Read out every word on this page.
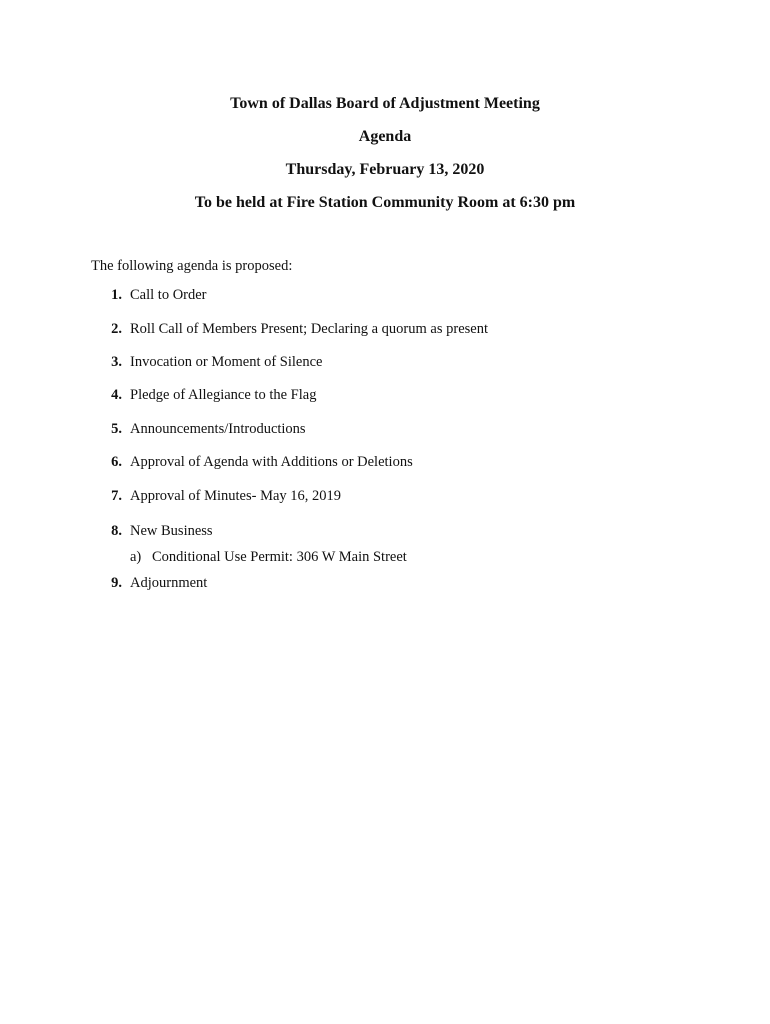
Town of Dallas Board of Adjustment Meeting
Agenda
Thursday, February 13, 2020
To be held at Fire Station Community Room at 6:30 pm
The following agenda is proposed:
1. Call to Order
2. Roll Call of Members Present; Declaring a quorum as present
3. Invocation or Moment of Silence
4. Pledge of Allegiance to the Flag
5. Announcements/Introductions
6. Approval of Agenda with Additions or Deletions
7. Approval of Minutes- May 16, 2019
8. New Business
a) Conditional Use Permit: 306 W Main Street
9. Adjournment
